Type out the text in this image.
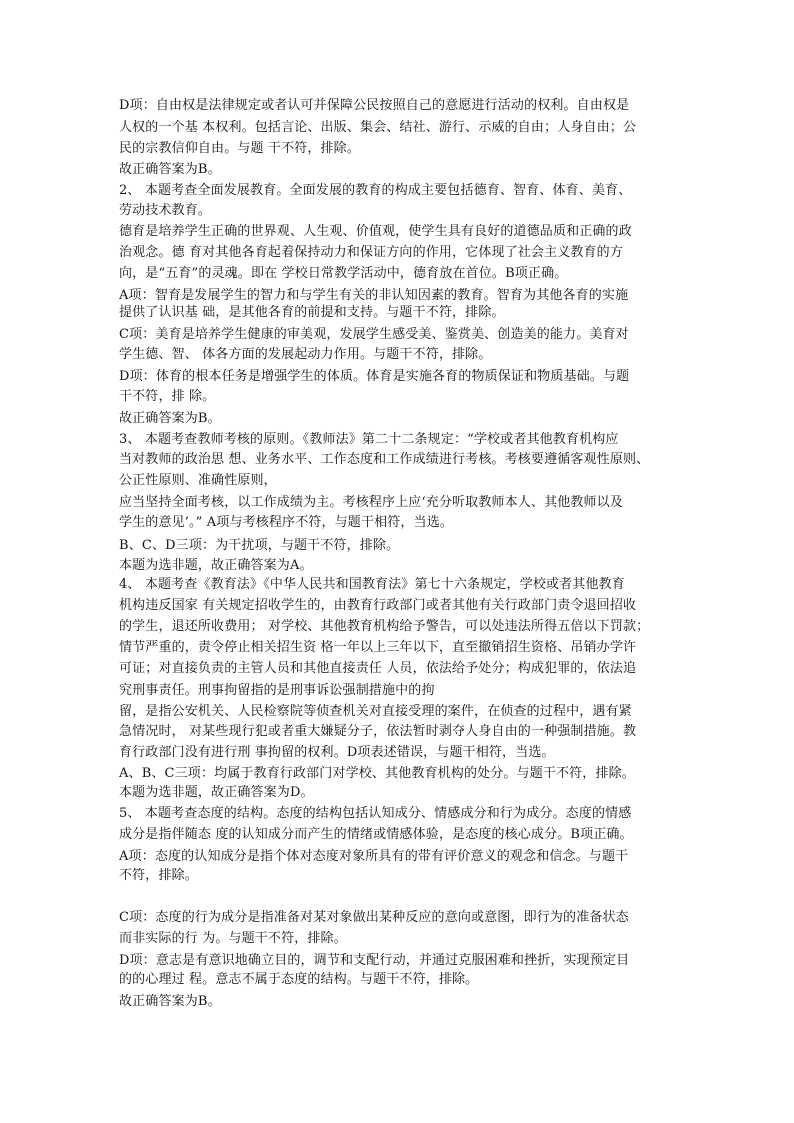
D项：自由权是法律规定或者认可并保障公民按照自己的意愿进行活动的权利。自由权是
人权的一个基 本权利。包括言论、出版、集会、结社、游行、示威的自由；人身自由；公
民的宗教信仰自由。与题 干不符，排除。
故正确答案为B。
2、 本题考查全面发展教育。全面发展的教育的构成主要包括德育、智育、体育、美育、
劳动技术教育。
德育是培养学生正确的世界观、人生观、价值观，使学生具有良好的道德品质和正确的政
治观念。德 育对其他各育起着保持动力和保证方向的作用，它体现了社会主义教育的方
向，是“五育”的灵魂。即在 学校日常教学活动中，德育放在首位。B项正确。
A项：智育是发展学生的智力和与学生有关的非认知因素的教育。智育为其他各育的实施
提供了认识基 础，是其他各育的前提和支持。与题干不符，排除。
C项：美育是培养学生健康的审美观，发展学生感受美、鉴赏美、创造美的能力。美育对
学生德、智、 体各方面的发展起动力作用。与题干不符，排除。
D项：体育的根本任务是增强学生的体质。体育是实施各育的物质保证和物质基础。与题
干不符，排 除。
故正确答案为B。
3、 本题考查教师考核的原则。《教师法》第二十二条规定：“学校或者其他教育机构应
当对教师的政治思 想、业务水平、工作态度和工作成绩进行考核。考核要遵循客观性原则、
公正性原则、准确性原则，
应当坚持全面考核，以工作成绩为主。考核程序上应‘充分听取教师本人、其他教师以及
学生的意见’。” A项与考核程序不符，与题干相符，当选。
B、C、D三项：为干扰项，与题干不符，排除。
本题为选非题，故正确答案为A。
4、 本题考查《教育法》《中华人民共和国教育法》第七十六条规定，学校或者其他教育
机构违反国家 有关规定招收学生的，由教育行政部门或者其他有关行政部门责令退回招收
的学生，退还所收费用； 对学校、其他教育机构给予警告，可以处违法所得五倍以下罚款；
情节严重的，责令停止相关招生资 格一年以上三年以下，直至撤销招生资格、吊销办学许
可证；对直接负责的主管人员和其他直接责任 人员，依法给予处分；构成犯罪的，依法追
究刑事责任。刑事拘留指的是刑事诉讼强制措施中的拘
留，是指公安机关、人民检察院等侦查机关对直接受理的案件，在侦查的过程中，遇有紧
急情况时， 对某些现行犯或者重大嫌疑分子，依法暂时剥夺人身自由的一种强制措施。教
育行政部门没有进行刑 事拘留的权利。D项表述错误，与题干相符，当选。
A、B、C三项：均属于教育行政部门对学校、其他教育机构的处分。与题干不符，排除。
本题为选非题，故正确答案为D。
5、 本题考查态度的结构。态度的结构包括认知成分、情感成分和行为成分。态度的情感
成分是指伴随态 度的认知成分而产生的情绪或情感体验，是态度的核心成分。B项正确。
A项：态度的认知成分是指个体对态度对象所具有的带有评价意义的观念和信念。与题干
不符，排除。
C项：态度的行为成分是指准备对某对象做出某种反应的意向或意图，即行为的准备状态
而非实际的行 为。与题干不符，排除。
D项：意志是有意识地确立目的，调节和支配行动，并通过克服困难和挫折，实现预定目
的的心理过 程。意志不属于态度的结构。与题干不符，排除。
故正确答案为B。
